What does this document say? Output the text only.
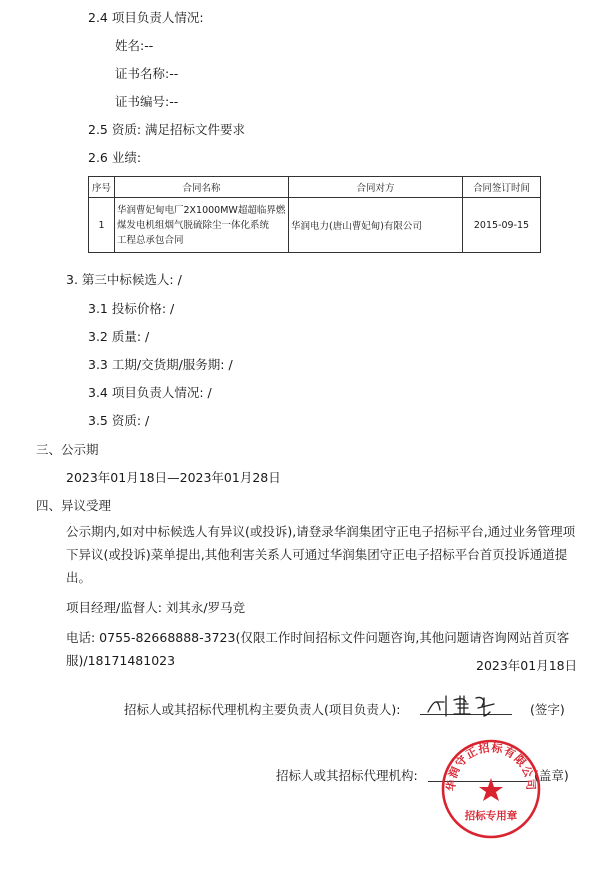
2.4 项目负责人情况:
姓名:--
证书名称:--
证书编号:--
2.5 资质: 满足招标文件要求
2.6 业绩:
序号	合同名称	合同对方	合同签订时间
1	华润曹妃甸电厂2X1000MW超超临界燃
煤发电机组烟气脱硫除尘一体化系统
工程总承包合同	华润电力(唐山曹妃甸)有限公司	2015-09-15
3. 第三中标候选人: /
3.1 投标价格: /
3.2 质量: /
3.3 工期/交货期/服务期: /
3.4 项目负责人情况: /
3.5 资质: /
三、公示期
2023年01月18日—2023年01月28日
四、异议受理
公示期内,如对中标候选人有异议(或投诉),请登录华润集团守正电子招标平台,通过业务管理项下异议(或投诉)菜单提出,其他利害关系人可通过华润集团守正电子招标平台首页投诉通道提出。
项目经理/监督人: 刘其永/罗马竞
电话: 0755-82668888-3723(仅限工作时间招标文件问题咨询,其他问题请咨询网站首页客服)/18171481023	2023年01月18日
招标人或其招标代理机构主要负责人(项目负责人):	(签字)
招标人或其招标代理机构:	(盖章)
华润守正招标有限公司
招标专用章
